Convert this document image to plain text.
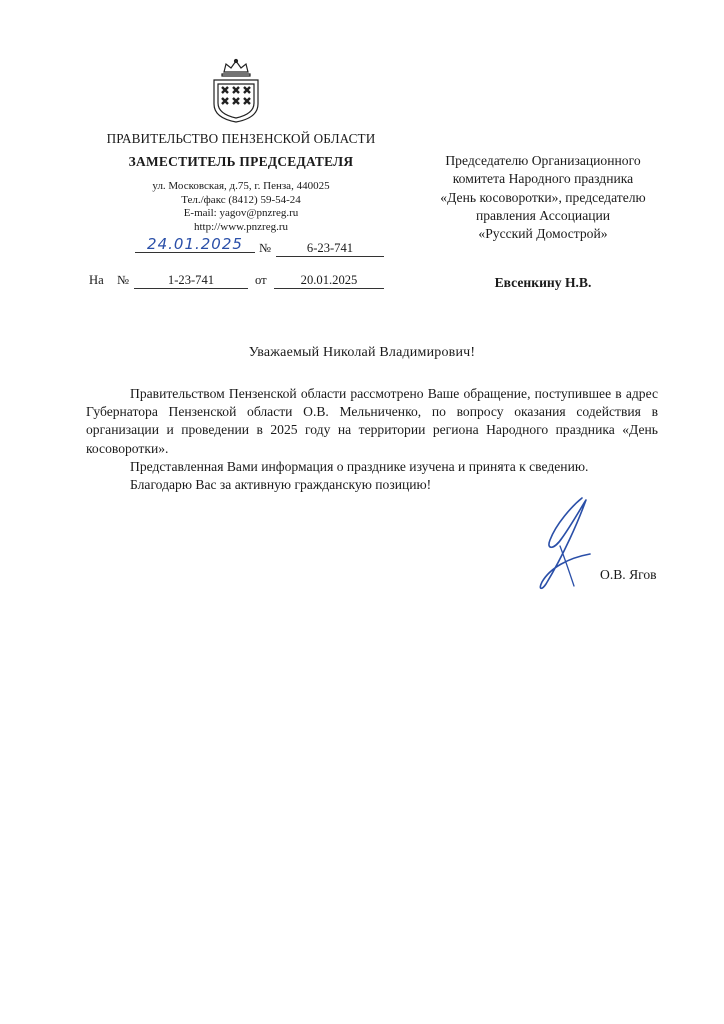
ПРАВИТЕЛЬСТВО ПЕНЗЕНСКОЙ ОБЛАСТИ
ЗАМЕСТИТЕЛЬ ПРЕДСЕДАТЕЛЯ
ул. Московская, д.75, г. Пенза, 440025
Тел./факс (8412) 59-54-24
E-mail: yagov@pnzreg.ru
http://www.pnzreg.ru
24.01.2025	№	6-23-741
На №	1-23-741	от	20.01.2025
Председателю Организационного
комитета Народного праздника
«День косоворотки», председателю
правления Ассоциации
«Русский Домострой»
Евсенкину Н.В.
Уважаемый Николай Владимирович!

Правительством Пензенской области рассмотрено Ваше обращение, поступившее в адрес Губернатора Пензенской области О.В. Мельниченко, по вопросу оказания содействия в организации и проведении в 2025 году на территории региона Народного праздника «День косоворотки».

Представленная Вами информация о празднике изучена и принята к сведению.

Благодарю Вас за активную гражданскую позицию!

О.В. Ягов
